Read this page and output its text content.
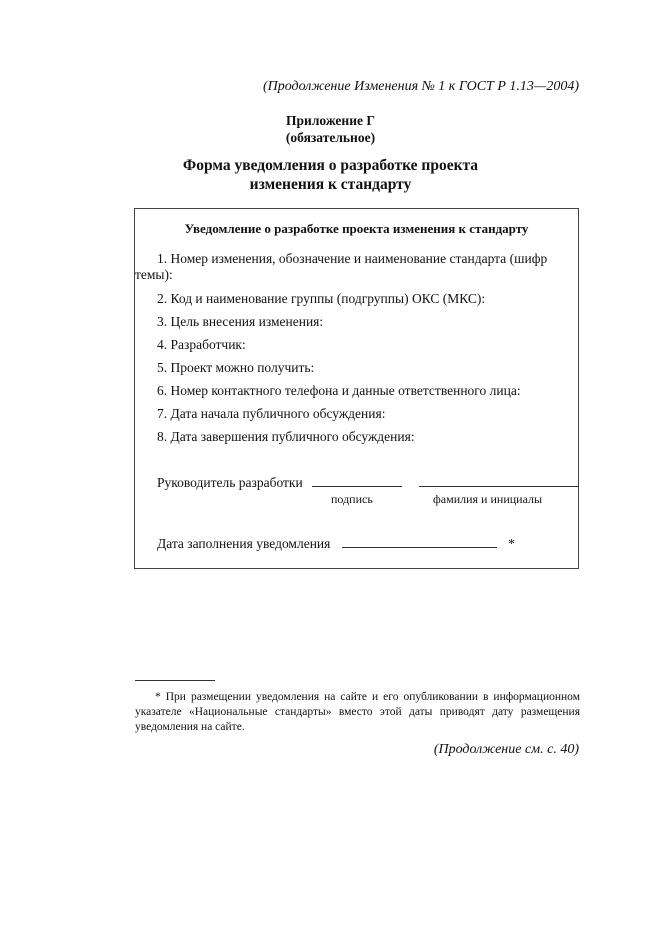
(Продолжение Изменения № 1 к ГОСТ Р 1.13—2004)
Приложение Г
(обязательное)
Форма уведомления о разработке проекта
изменения к стандарту
Уведомление о разработке проекта изменения к стандарту
1. Номер изменения, обозначение и наименование стандарта (шифр
темы):
2. Код и наименование группы (подгруппы) ОКС (МКС):
3. Цель внесения изменения:
4. Разработчик:
5. Проект можно получить:
6. Номер контактного телефона и данные ответственного лица:
7. Дата начала публичного обсуждения:
8. Дата завершения публичного обсуждения:
Руководитель разработки
подпись	фамилия и инициалы
Дата заполнения уведомления	*
* При размещении уведомления на сайте и его опубликовании в информационном указателе «Национальные стандарты» вместо этой даты приводят дату размещения уведомления на сайте.
(Продолжение см. с. 40)
